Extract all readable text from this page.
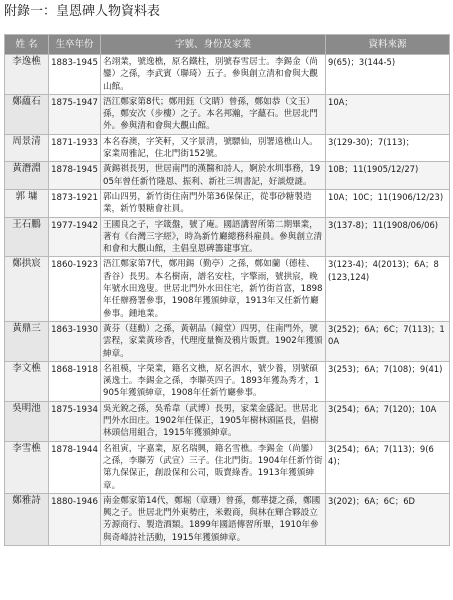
附錄一：皇恩碑人物資料表
姓 名	生卒年份	字號、身份及家業	資料來源
李逸樵	1883-1945	名翊業，號逸樵，原名鐵柱，別號春雪居士。李錫金（尚鑾）之孫，李武賓（聯琦）五子。參與創立清和會與大觀山館。	9(65)；3(144-5)
鄭蘊石	1875-1947	浯江鄭家第8代；鄭用鈺（文睛）曾孫，鄭如恭（文玉）孫，鄭安次（步樓）之子。本名邦瀚，字蘊石。世居北門外。參與清和會與大觀山館。	10A；
周景清	1871-1933	本名春澳，字笑軒，又字景清，號驃仙，別署遠樵山人。家業周雅記，住北門街152號。	3(129-30)；7(113)；
黃潛淵	1878-1945	黃錫祺長男，世居南門的漢醫和詩人，婀於水圳事務，1905年曾任新竹隆恩、振利、新社三圳書記，好談燈謎。	10B；11(1905/12/27)
郭 墉	1873-1921	郭山四男，新竹街住南門外第36保保正，從事砂糖製造業，新竹製糖會社員。	10A；10C；11(1906/12/23)
王石鵬	1977-1942	王國良之子，字箴盤，號了庵。國語講習所第二期畢業，著有《台灣三字經》，時為新竹廳總務科雇員。參與創立清和會和大觀山館，主倡皇恩碑籌建事宜。	3(137-8)；11(1908/06/06)
鄭拱宸	1860-1923	浯江鄭家第7代，鄭用錫（勤亭）之孫，鄭如蘭（德桂、香谷）長男。本名樹南，譜名安柱，字擎雨，號拱宸，晚年號水田逸叟。世居北門外水田住宅，新竹街首富，1898年任辦務署參事，1908年獲頒紳章，1913年又任新竹廳參事。鍾地業。	3(123-4)；4(2013)；6A；8(123,124)
黃鼎三	1863-1930	黃芬（莛勳）之孫，黃朝品（鏡堂）四男，住南門外，號雲程，家業黃珍香，代理度量衡及鴉片販賣。1902年獲頒紳章。	3(252)；6A；6C；7(113)；10A
李文樵	1868-1918	名祖模，字榮業，籍名文樵，原名泗水，號少養，別號碩溪逸士。李錫金之孫，李聯英四子。1893年獲為秀才，1905年獲頒紳章，1908年任新竹廳參事。	3(253)；6A；7(108)；9(41)
吳明池	1875-1934	吳光銳之孫，吳希韋（武博）長男，家業金盛記。世居北門外水田庄。1902年任保正，1905年樹林頭區長，倡樹林頭信用組合，1915年獲頒紳章。	3(254)；6A；7(120)；10A
李雪樵	1878-1944	名祖寅，字嘉業，原名瑞興，籍名雪樵。李錫金（尚鑾）之孫，李聯芳（武宣）三子。住北門街。1904年任新竹街第九保保正，創設保和公司，販賣綠香。1913年獲頒紳章。	3(254)；6A；7(113)；9(64)；
鄭雅詩	1880-1946	南金鄭家第14代，鄭堀（章珊）曾孫，鄭華捷之孫，鄭國興之子。世居北門外東勢庄，米穀商，與林在輝合夥設立芳源商行、製造酒類。1899年國語傳習所畢，1910年參與奇峰詩社活動，1915年獲頒紳章。	3(202)；6A；6C；6D
